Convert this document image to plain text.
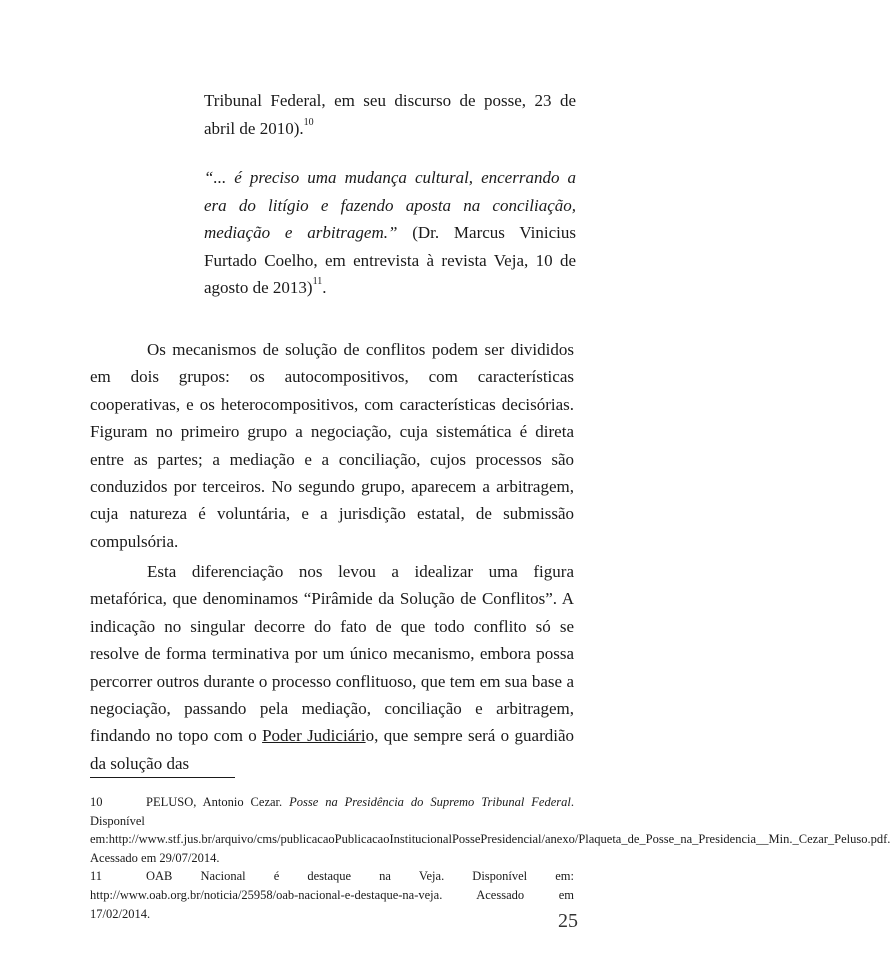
Tribunal Federal, em seu discurso de posse, 23 de abril de 2010).$^{10}$
“... é preciso uma mudança cultural, encerrando a era do litígio e fazendo aposta na conciliação, mediação e arbitragem.” (Dr. Marcus Vinicius Furtado Coelho, em entrevista à revista Veja, 10 de agosto de 2013)$^{11}$.

Os mecanismos de solução de conflitos podem ser divididos em dois grupos: os autocompositivos, com características cooperativas, e os heterocompositivos, com características decisórias. Figuram no primeiro grupo a negociação, cuja sistemática é direta entre as partes; a mediação e a conciliação, cujos processos são conduzidos por terceiros. No segundo grupo, aparecem a arbitragem, cuja natureza é voluntária, e a jurisdição estatal, de submissão compulsória.

Esta diferenciação nos levou a idealizar uma figura metafórica, que denominamos “Pirâmide da Solução de Conflitos”. A indicação no singular decorre do fato de que todo conflito só se resolve de forma terminativa por um único mecanismo, embora possa percorrer outros durante o processo conflituoso, que tem em sua base a negociação, passando pela mediação, conciliação e arbitragem, findando no topo com o Poder Judiciário, que sempre será o guardião da solução das

10	PELUSO, Antonio Cezar. Posse na Presidência do Supremo Tribunal Federal. Disponível em:http://www.stf.jus.br/arquivo/cms/publicacaoPublicacaoInstitucionalPossePresidencial/anexo/Plaqueta_de_Posse_na_Presidencia__Min._Cezar_Peluso.pdf. Acessado em 29/07/2014.

11	OAB Nacional é destaque na Veja. Disponível em: http://www.oab.org.br/noticia/25958/oab-nacional-e-destaque-na-veja. Acessado em 17/02/2014.	25
